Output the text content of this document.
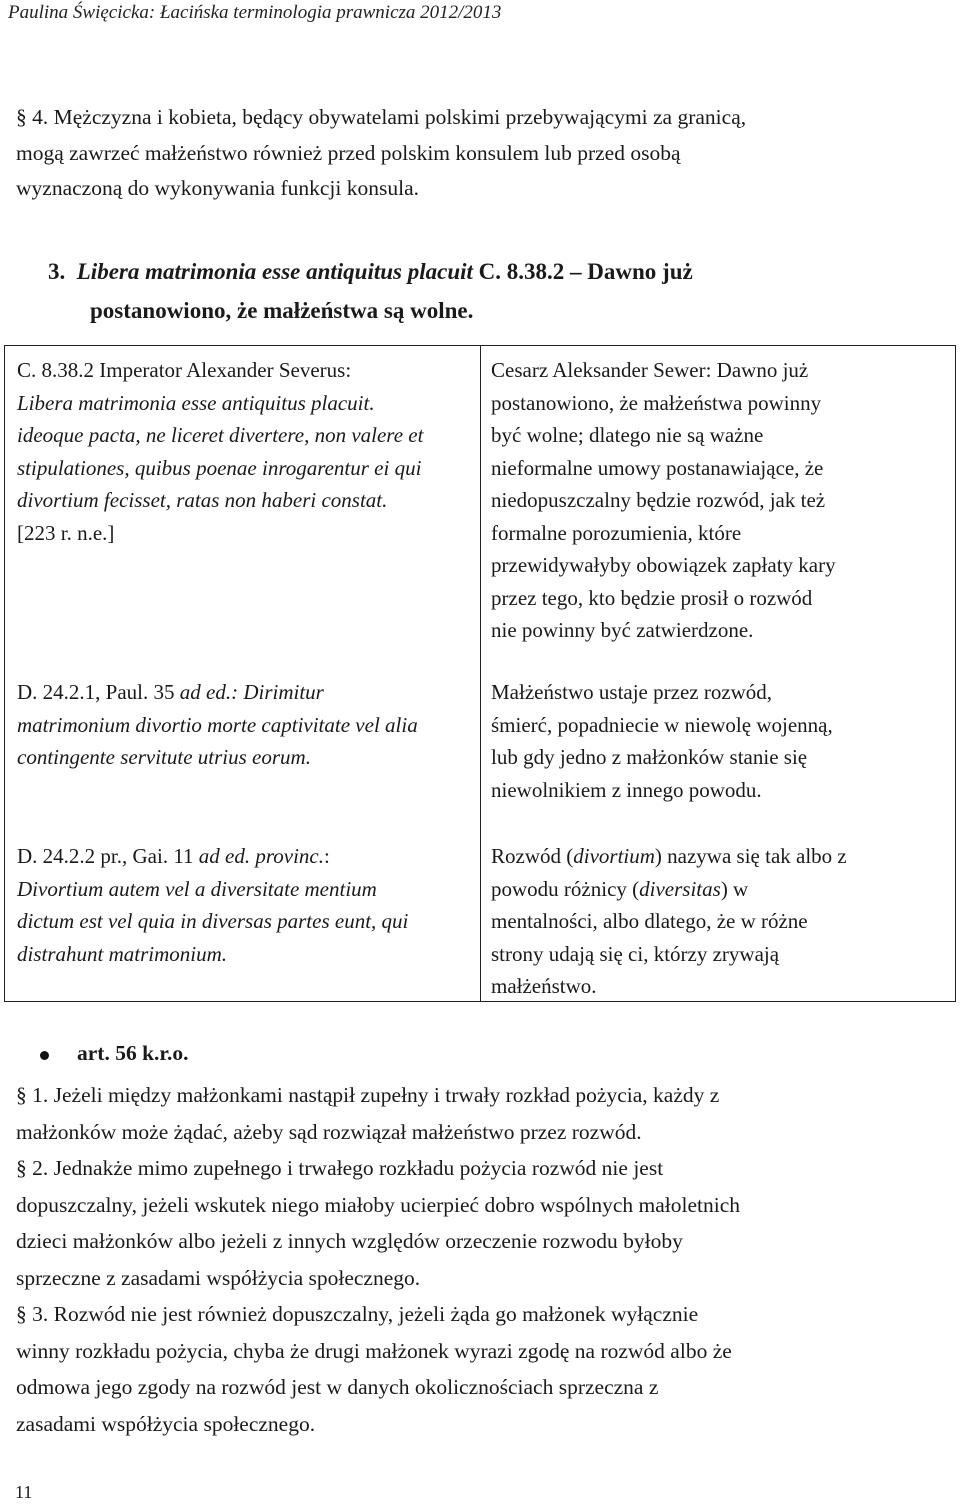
Paulina Święcicka: Łacińska terminologia prawnicza 2012/2013
§ 4. Mężczyzna i kobieta, będący obywatelami polskimi przebywającymi za granicą,
mogą zawrzeć małżeństwo również przed polskim konsulem lub przed osobą
wyznaczoną do wykonywania funkcji konsula.
3. Libera matrimonia esse antiquitus placuit C. 8.38.2 – Dawno już
postanowiono, że małżeństwa są wolne.
C. 8.38.2 Imperator Alexander Severus:
Libera matrimonia esse antiquitus placuit.
ideoque pacta, ne liceret divertere, non valere et
stipulationes, quibus poenae inrogarentur ei qui
divortium fecisset, ratas non haberi constat.
[223 r. n.e.]
Cesarz Aleksander Sewer: Dawno już
postanowiono, że małżeństwa powinny
być wolne; dlatego nie są ważne
nieformalne umowy postanawiające, że
niedopuszczalny będzie rozwód, jak też
formalne porozumienia, które
przewidywałyby obowiązek zapłaty kary
przez tego, kto będzie prosił o rozwód
nie powinny być zatwierdzone.
D. 24.2.1, Paul. 35 ad ed.: Dirimitur
matrimonium divortio morte captivitate vel alia
contingente servitute utrius eorum.
Małżeństwo ustaje przez rozwód,
śmierć, popadniecie w niewolę wojenną,
lub gdy jedno z małżonków stanie się
niewolnikiem z innego powodu.
D. 24.2.2 pr., Gai. 11 ad ed. provinc.:
Divortium autem vel a diversitate mentium
dictum est vel quia in diversas partes eunt, qui
distrahunt matrimonium.
Rozwód (divortium) nazywa się tak albo z
powodu różnicy (diversitas) w
mentalności, albo dlatego, że w różne
strony udają się ci, którzy zrywają
małżeństwo.
art. 56 k.r.o.
§ 1. Jeżeli między małżonkami nastąpił zupełny i trwały rozkład pożycia, każdy z
małżonków może żądać, ażeby sąd rozwiązał małżeństwo przez rozwód.
§ 2. Jednakże mimo zupełnego i trwałego rozkładu pożycia rozwód nie jest
dopuszczalny, jeżeli wskutek niego miałoby ucierpieć dobro wspólnych małoletnich
dzieci małżonków albo jeżeli z innych względów orzeczenie rozwodu byłoby
sprzeczne z zasadami współżycia społecznego.
§ 3. Rozwód nie jest również dopuszczalny, jeżeli żąda go małżonek wyłącznie
winny rozkładu pożycia, chyba że drugi małżonek wyrazi zgodę na rozwód albo że
odmowa jego zgody na rozwód jest w danych okolicznościach sprzeczna z
zasadami współżycia społecznego.
11
